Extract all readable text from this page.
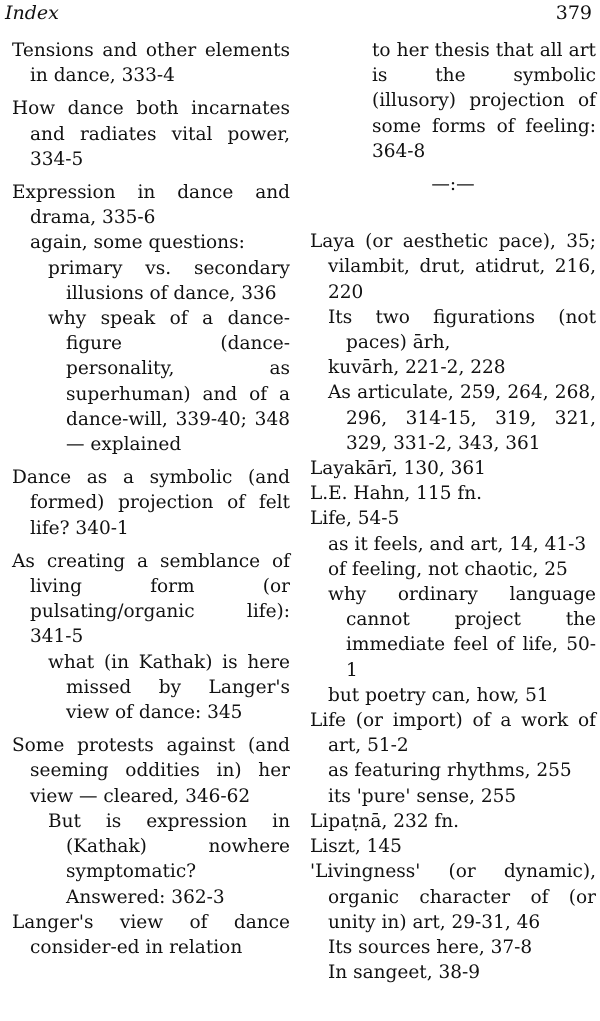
Index	379
Tensions and other elements in dance, 333-4
How dance both incarnates and radiates vital power, 334-5
Expression in dance and drama, 335-6
again, some questions:
primary vs. secondary illusions of dance, 336
why speak of a dance-figure (dance-personality, as superhuman) and of a dance-will, 339-40; 348 — explained
Dance as a symbolic (and formed) projection of felt life? 340-1
As creating a semblance of living form (or pulsating/organic life): 341-5
what (in Kathak) is here missed by Langer's view of dance: 345
Some protests against (and seeming oddities in) her view — cleared, 346-62
But is expression in (Kathak) nowhere symptomatic? Answered: 362-3
Langer's view of dance consider-ed in relation
to her thesis that all art is the symbolic (illusory) projection of some forms of feeling: 364-8
—:—
Laya (or aesthetic pace), 35; vilambit, drut, atidrut, 216, 220
Its two figurations (not paces) ārh,
kuvārh, 221-2, 228
As articulate, 259, 264, 268, 296, 314-15, 319, 321, 329, 331-2, 343, 361
Layakārī, 130, 361
L.E. Hahn, 115 fn.
Life, 54-5
as it feels, and art, 14, 41-3
of feeling, not chaotic, 25
why ordinary language cannot project the immediate feel of life, 50-1
but poetry can, how, 51
Life (or import) of a work of art, 51-2
as featuring rhythms, 255
its 'pure' sense, 255
Lipaṭnā, 232 fn.
Liszt, 145
'Livingness' (or dynamic), organic character of (or unity in) art, 29-31, 46
Its sources here, 37-8
In sangeet, 38-9
